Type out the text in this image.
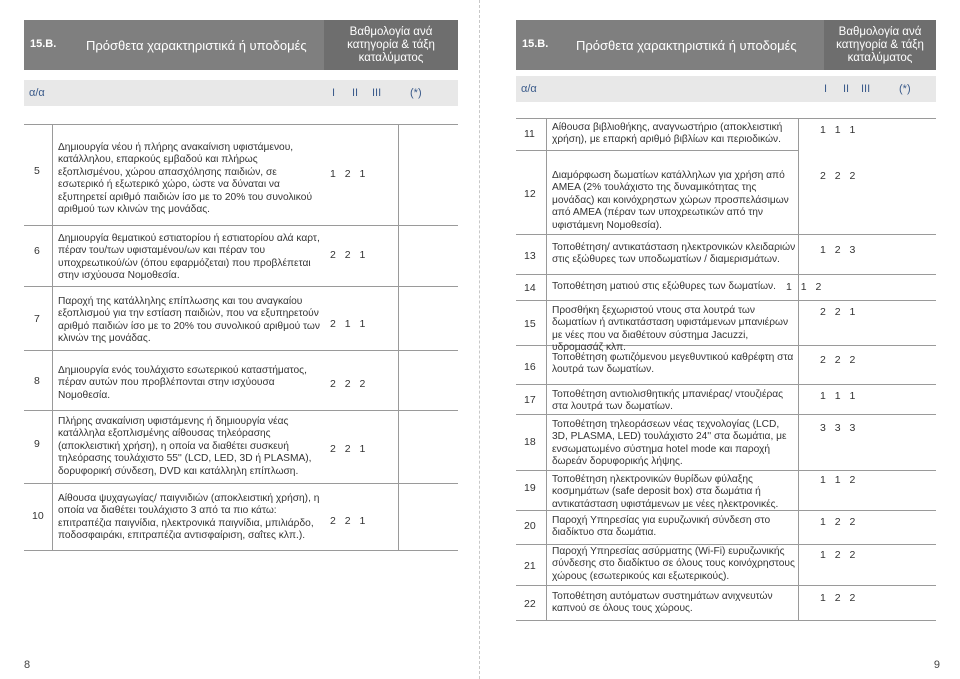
15.B. Πρόσθετα χαρακτηριστικά ή υποδομές
Βαθμολογία ανά κατηγορία & τάξη καταλύματος
α/α	I II III	(*)
5
Δημιουργία νέου ή πλήρης ανακαίνιση υφιστάμενου, κατάλληλου, επαρκούς εμβαδού και πλήρως εξοπλισμένου, χώρου απασχόλησης παιδιών, σε εσωτερικό ή εξωτερικό χώρο, ώστε να δύναται να εξυπηρετεί αριθμό παιδιών ίσο με το 20% του συνολικού αριθμού των κλινών της μονάδας.
1 2 1
6
Δημιουργία θεματικού εστιατορίου ή εστιατορίου αλά καρτ, πέραν του/των υφισταμένου/ων και πέραν του υποχρεωτικού/ών (όπου εφαρμόζεται) που προβλέπεται στην ισχύουσα Νομοθεσία.
2 2 1
7
Παροχή της κατάλληλης επίπλωσης και του αναγκαίου εξοπλισμού για την εστίαση παιδιών, που να εξυπηρετούν αριθμό παιδιών ίσο με το 20% του συνολικού αριθμού των κλινών της μονάδας.
2 1 1
8
Δημιουργία ενός τουλάχιστο εσωτερικού καταστήματος, πέραν αυτών που προβλέπονται στην ισχύουσα Νομοθεσία.
2 2 2
9
Πλήρης ανακαίνιση υφιστάμενης ή δημιουργία νέας κατάλληλα εξοπλισμένης αίθουσας τηλεόρασης (αποκλειστική χρήση), η οποία να διαθέτει συσκευή τηλεόρασης τουλάχιστο 55'' (LCD, LED, 3D ή PLASMA), δορυφορική σύνδεση, DVD και κατάλληλη επίπλωση.
2 2 1
10
Αίθουσα ψυχαγωγίας/ παιγνιδιών (αποκλειστική χρήση), η οποία να διαθέτει τουλάχιστο 3 από τα πιο κάτω: επιτραπέζια παιγνίδια, ηλεκτρονικά παιγνίδια, μπιλιάρδο, ποδοσφαιράκι, επιτραπέζια αντισφαίριση, σαΐτες κλπ.).
2 2 1
8
15.B. Πρόσθετα χαρακτηριστικά ή υποδομές
Βαθμολογία ανά κατηγορία & τάξη καταλύματος
α/α	I II III	(*)
11
Αίθουσα βιβλιοθήκης, αναγνωστήριο (αποκλειστική χρήση), με επαρκή αριθμό βιβλίων και περιοδικών.
1 1 1
12
Διαμόρφωση δωματίων κατάλληλων για χρήση από ΑΜΕΑ (2% τουλάχιστο της δυναμικότητας της μονάδας) και κοινόχρηστων χώρων προσπελάσιμων από ΑΜΕΑ (πέραν των υποχρεωτικών από την υφιστάμενη Νομοθεσία).
2 2 2
13
Τοποθέτηση/ αντικατάσταση ηλεκτρονικών κλειδαριών στις εξώθυρες των υποδωματίων / διαμερισμάτων.
1 2 3
14 Τοποθέτηση ματιού στις εξώθυρες των δωματίων. 1 1 2
15
Προσθήκη ξεχωριστού ντους στα λουτρά των δωματίων ή αντικατάσταση υφιστάμενων μπανιέρων με νέες που να διαθέτουν σύστημα Jacuzzi, υδρομασάζ κλπ.
2 2 1
16
Τοποθέτηση φωτιζόμενου μεγεθυντικού καθρέφτη στα λουτρά των δωματίων.
2 2 2
17 Τοποθέτηση αντιολισθητικής μπανιέρας/ ντουζιέρας στα λουτρά των δωματίων.
1 1 1
18
Τοποθέτηση τηλεοράσεων νέας τεχνολογίας (LCD, 3D, PLASMA, LED) τουλάχιστο 24'' στα δωμάτια, με ενσωματωμένο σύστημα hotel mode και παροχή δωρεάν δορυφορικής λήψης.
3 3 3
19
Τοποθέτηση ηλεκτρονικών θυρίδων φύλαξης κοσμημάτων (safe deposit box) στα δωμάτια ή αντικατάσταση υφιστάμενων με νέες ηλεκτρονικές.
1 1 2
20 Παροχή Υπηρεσίας για ευρυζωνική σύνδεση στο διαδίκτυο στα δωμάτια.
1 2 2
21
Παροχή Υπηρεσίας ασύρματης (Wi-Fi) ευρυζωνικής σύνδεσης στο διαδίκτυο σε όλους τους κοινόχρηστους χώρους (εσωτερικούς και εξωτερικούς).
1 2 2
22
Τοποθέτηση αυτόματων συστημάτων ανιχνευτών καπνού σε όλους τους χώρους.
1 2 2
9
